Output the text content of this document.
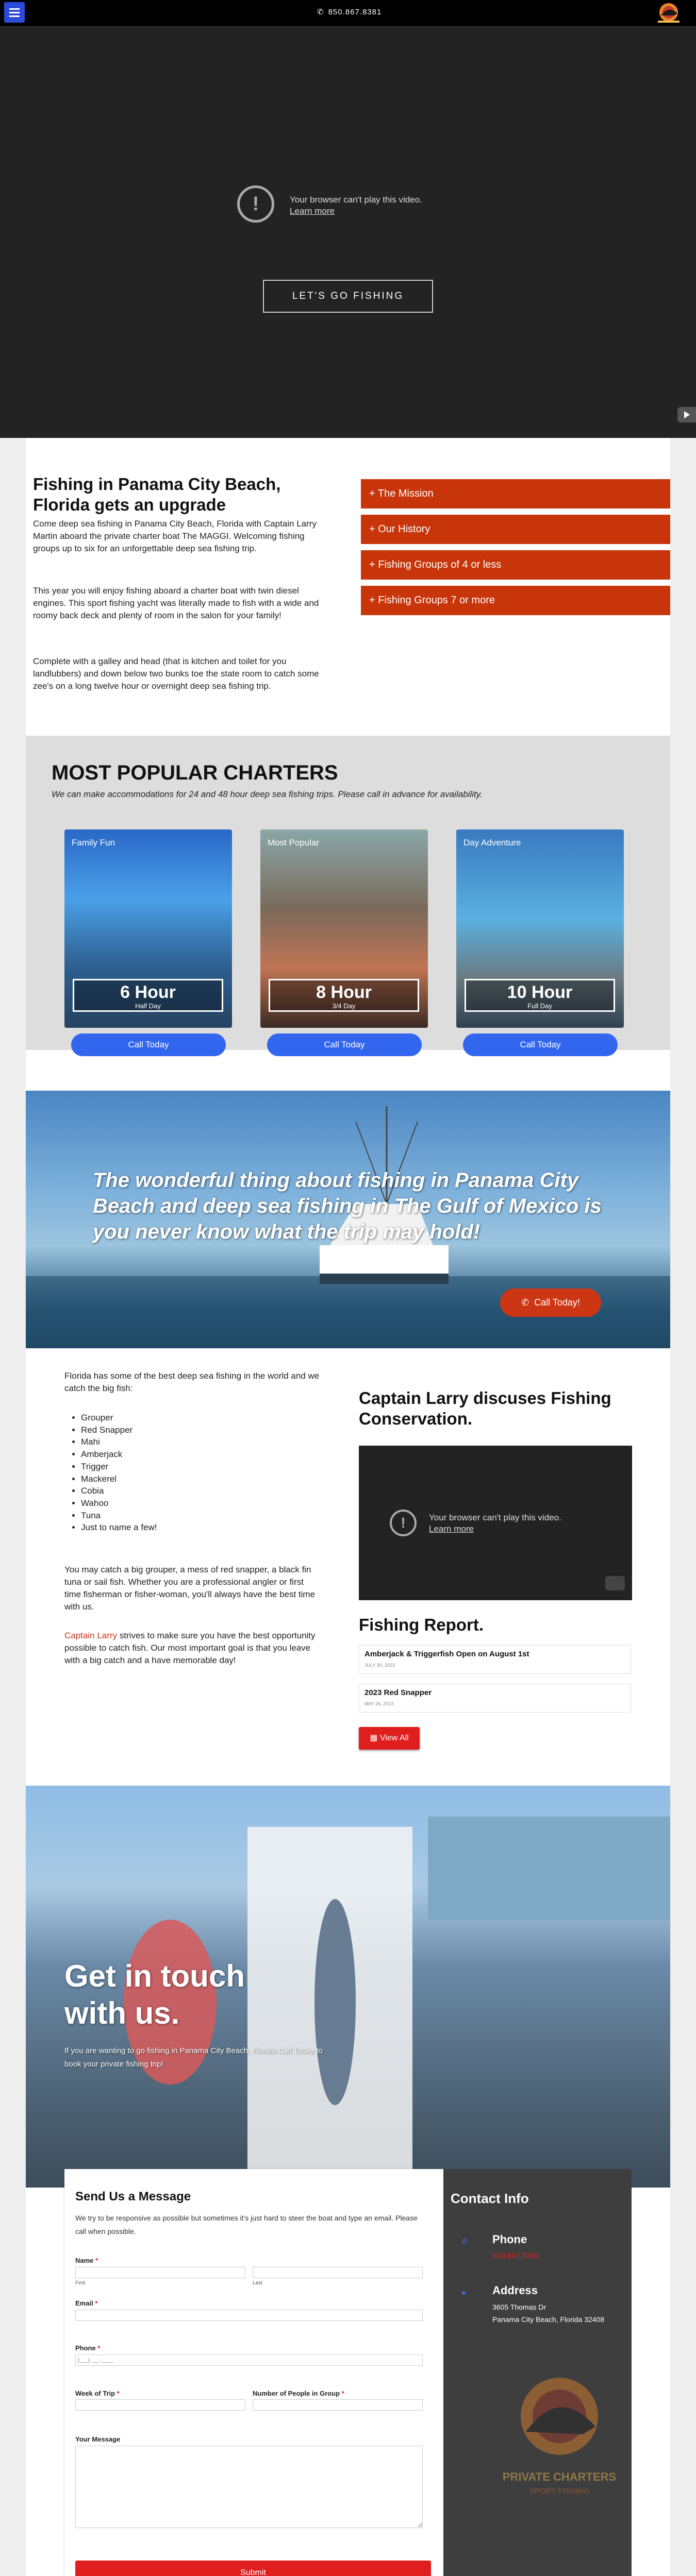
✆ 850.867.8381
!	Your browser can't play this video.
Learn more
LET'S GO FISHING
Fishing in Panama City Beach, Florida gets an upgrade
Come deep sea fishing in Panama City Beach, Florida with Captain Larry Martin aboard the private charter boat The MAGGI. Welcoming fishing groups up to six for an unforgettable deep sea fishing trip.
This year you will enjoy fishing aboard a charter boat with twin diesel engines. This sport fishing yacht was literally made to fish with a wide and roomy back deck and plenty of room in the salon for your family!
Complete with a galley and head (that is kitchen and toilet for you landlubbers) and down below two bunks toe the state room to catch some zee's on a long twelve hour or overnight deep sea fishing trip.
+ The Mission
+ Our History
+ Fishing Groups of 4 or less
+ Fishing Groups 7 or more
MOST POPULAR CHARTERS
We can make accommodations for 24 and 48 hour deep sea fishing trips. Please call in advance for availability.
Family Fun
6 Hour
Half Day
Most Popular
8 Hour
3/4 Day
Day Adventure
10 Hour
Full Day
Call Today	Call Today	Call Today
The wonderful thing about fishing in Panama City Beach and deep sea fishing in The Gulf of Mexico is you never know what the trip may hold!
✆ Call Today!
Florida has some of the best deep sea fishing in the world and we catch the big fish:
• Grouper
• Red Snapper
• Mahi
• Amberjack
• Trigger
• Mackerel
• Cobia
• Wahoo
• Tuna
• Just to name a few!
You may catch a big grouper, a mess of red snapper, a black fin tuna or sail fish. Whether you are a professional angler or first time fisherman or fisher-woman, you'll always have the best time with us.
Captain Larry strives to make sure you have the best opportunity possible to catch fish. Our most important goal is that you leave with a big catch and a have memorable day!
Captain Larry discuses Fishing Conservation.
!	Your browser can't play this video.
Learn more
Fishing Report.
Amberjack & Triggerfish Open on August 1st
JULY 30, 2023
2023 Red Snapper
MAY 26, 2023
▦ View All
Get in touch with us.
If you are wanting to go fishing in Panama City Beach, Florida Call Today to book your private fishing trip!
Send Us a Message
We try to be responsive as possible but sometimes it's just hard to steer the boat and type an email. Please call when possible.
Name *
First	Last
Email *
Phone *
(___) ___-____
Week of Trip *	Number of People in Group *
Your Message
Submit
Contact Info
✆ Phone
850.867.8381
● Address
3605 Thomas Dr
Panama City Beach, Florida 32408
PRIVATE CHARTERS
SPORT FISHING
